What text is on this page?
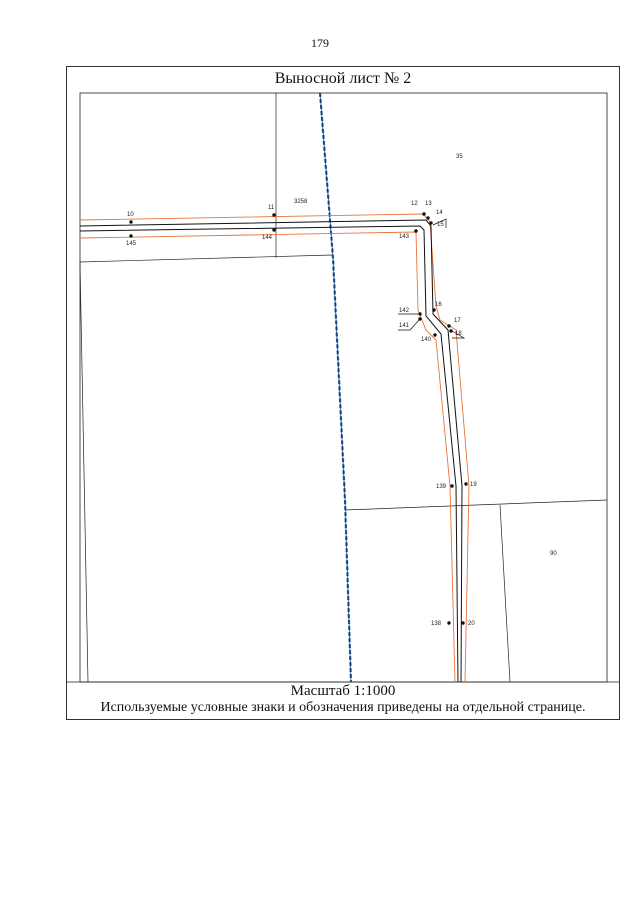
179
Выносной лист № 2
35
90
3258
10
145
11
144
12 13
14
15
143
16
142
141
140
17
18
139	19
138	20
Масштаб 1:1000
Используемые условные знаки и обозначения приведены на отдельной странице.
